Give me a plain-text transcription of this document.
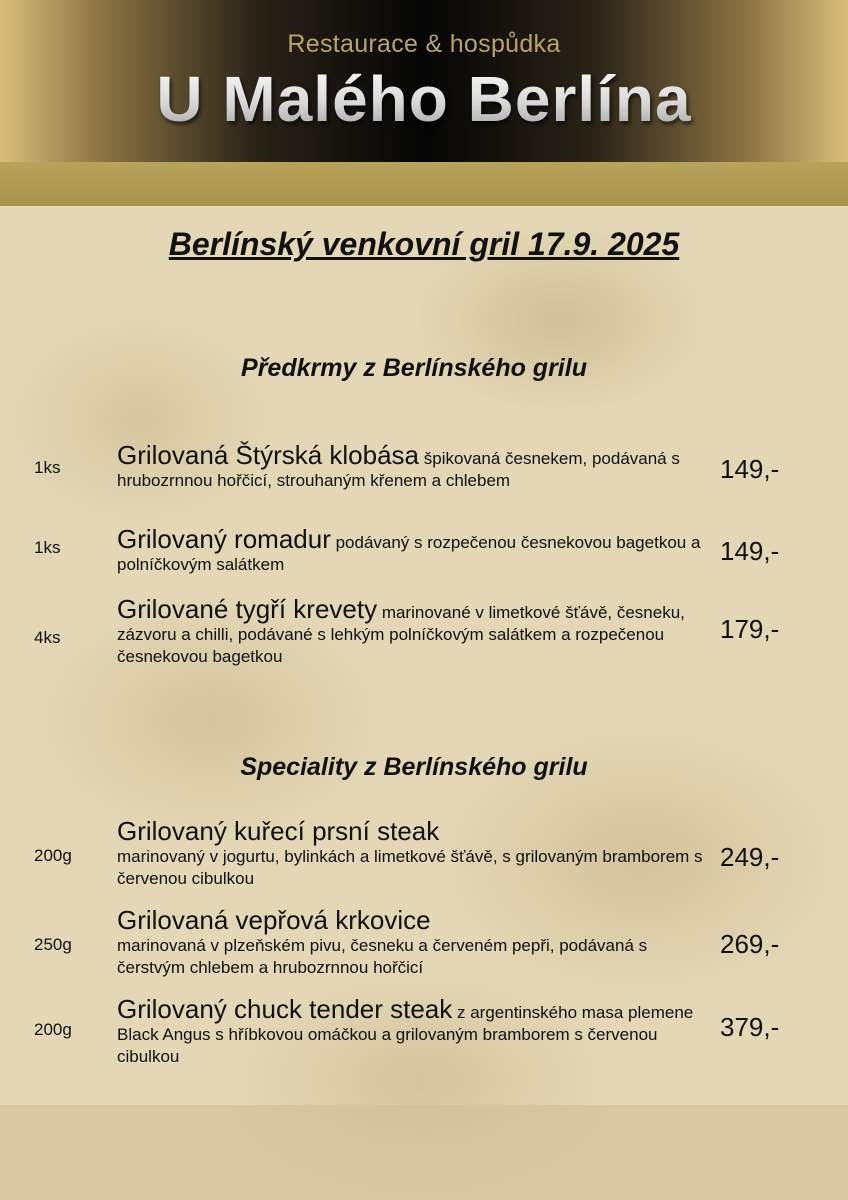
Restaurace & hospůdka
U Malého Berlína
Berlínský venkovní gril 17.9. 2025
Předkrmy z Berlínského grilu
1ks Grilovaná Štýrská klobása špikovaná česnekem, podávaná s hrubozrnnou hořčicí, strouhaným křenem a chlebem	149,-
1ks Grilovaný romadur podávaný s rozpečenou česnekovou bagetkou a polníčkovým salátkem	149,-
4ks
Grilované tygří krevety marinované v limetkové šťávě, česneku, zázvoru a chilli, podávané s lehkým polníčkovým salátkem a rozpečenou česnekovou bagetkou
179,-
Speciality z Berlínského grilu
200g
Grilovaný kuřecí prsní steak
marinovaný v jogurtu, bylinkách a limetkové šťávě, s grilovaným bramborem s červenou cibulkou
249,-
250g
Grilovaná vepřová krkovice
marinovaná v plzeňském pivu, česneku a červeném pepři, podávaná s čerstvým chlebem a hrubozrnnou hořčicí
269,-
200g
Grilovaný chuck tender steak z argentinského masa plemene Black Angus s hříbkovou omáčkou a grilovaným bramborem s červenou cibulkou
379,-
